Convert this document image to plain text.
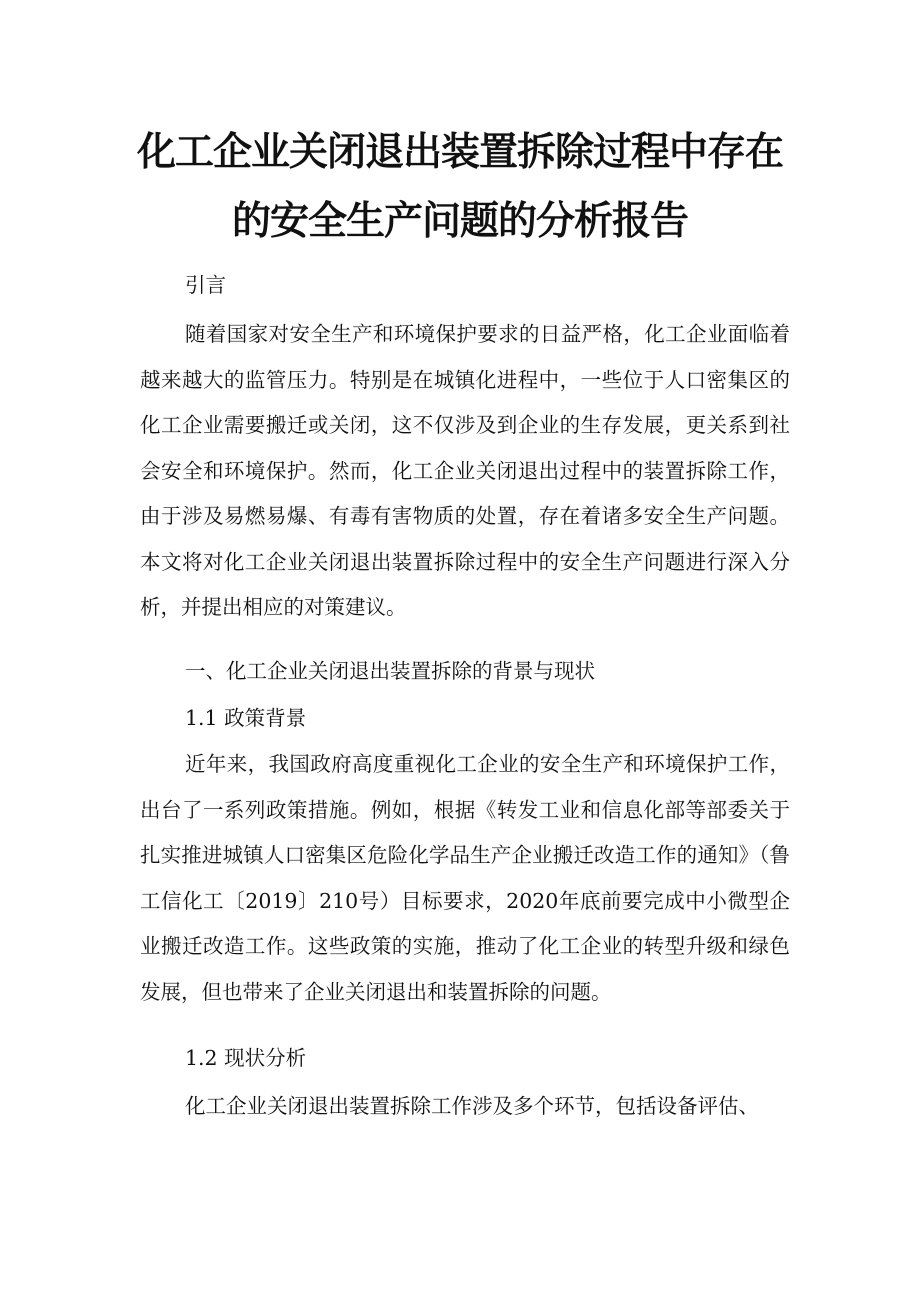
化工企业关闭退出装置拆除过程中存在
的安全生产问题的分析报告

引言

随着国家对安全生产和环境保护要求的日益严格，化工企业面临着越来越大的监管压力。特别是在城镇化进程中，一些位于人口密集区的化工企业需要搬迁或关闭，这不仅涉及到企业的生存发展，更关系到社会安全和环境保护。然而，化工企业关闭退出过程中的装置拆除工作，由于涉及易燃易爆、有毒有害物质的处置，存在着诸多安全生产问题。本文将对化工企业关闭退出装置拆除过程中的安全生产问题进行深入分析，并提出相应的对策建议。

一、化工企业关闭退出装置拆除的背景与现状

1.1 政策背景

近年来，我国政府高度重视化工企业的安全生产和环境保护工作，出台了一系列政策措施。例如，根据《转发工业和信息化部等部委关于扎实推进城镇人口密集区危险化学品生产企业搬迁改造工作的通知》（鲁工信化工〔2019〕210号）目标要求，2020年底前要完成中小微型企业搬迁改造工作。这些政策的实施，推动了化工企业的转型升级和绿色发展，但也带来了企业关闭退出和装置拆除的问题。

1.2 现状分析

化工企业关闭退出装置拆除工作涉及多个环节，包括设备评估、
